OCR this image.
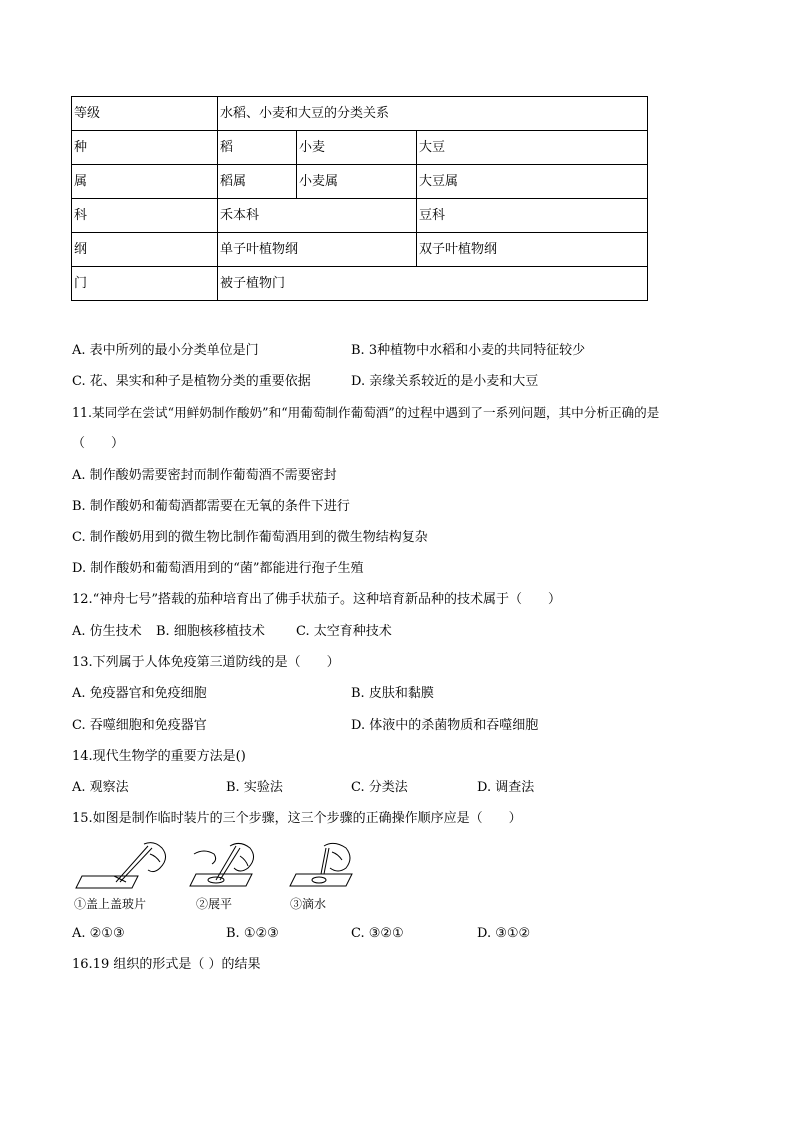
等级	水稻、小麦和大豆的分类关系		
种	稻	小麦	大豆
属	稻属	小麦属	大豆属
科	禾本科		豆科
纲	单子叶植物纲		双子叶植物纲
门	被子植物门		
A. 表中所列的最小分类单位是门	B. 3种植物中水稻和小麦的共同特征较少
C. 花、果实和种子是植物分类的重要依据	D. 亲缘关系较近的是小麦和大豆
11.某同学在尝试“用鲜奶制作酸奶”和“用葡萄制作葡萄酒”的过程中遇到了一系列问题，其中分析正确的是
（　　）
A. 制作酸奶需要密封而制作葡萄酒不需要密封
B. 制作酸奶和葡萄酒都需要在无氧的条件下进行
C. 制作酸奶用到的微生物比制作葡萄酒用到的微生物结构复杂
D. 制作酸奶和葡萄酒用到的“菌”都能进行孢子生殖
12.“神舟七号”搭载的茄种培育出了佛手状茄子。这种培育新品种的技术属于（　　）
A. 仿生技术 B. 细胞核移植技术 C. 太空育种技术
13.下列属于人体免疫第三道防线的是（　　）
A. 免疫器官和免疫细胞	B. 皮肤和黏膜
C. 吞噬细胞和免疫器官	D. 体液中的杀菌物质和吞噬细胞
14.现代生物学的重要方法是()
A. 观察法	B. 实验法	C. 分类法	D. 调查法
15.如图是制作临时装片的三个步骤，这三个步骤的正确操作顺序应是（　　）
①盖上盖玻片	②展平	③滴水
A. ②①③	B. ①②③	C. ③②①	D. ③①②
16.19 组织的形式是（ ）的结果
